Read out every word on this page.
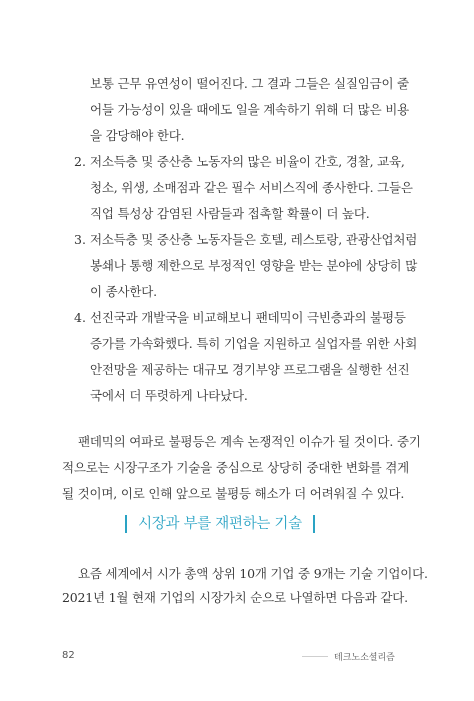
보통 근무 유연성이 떨어진다. 그 결과 그들은 실질임금이 줄
어들 가능성이 있을 때에도 일을 계속하기 위해 더 많은 비용
을 감당해야 한다.
2. 저소득층 및 중산층 노동자의 많은 비율이 간호, 경찰, 교육,
청소, 위생, 소매점과 같은 필수 서비스직에 종사한다. 그들은
직업 특성상 감염된 사람들과 접촉할 확률이 더 높다.
3. 저소득층 및 중산층 노동자들은 호텔, 레스토랑, 관광산업처럼
봉쇄나 통행 제한으로 부정적인 영향을 받는 분야에 상당히 많
이 종사한다.
4. 선진국과 개발국을 비교해보니 팬데믹이 극빈층과의 불평등
증가를 가속화했다. 특히 기업을 지원하고 실업자를 위한 사회
안전망을 제공하는 대규모 경기부양 프로그램을 실행한 선진
국에서 더 뚜렷하게 나타났다.
팬데믹의 여파로 불평등은 계속 논쟁적인 이슈가 될 것이다. 중기
적으로는 시장구조가 기술을 중심으로 상당히 중대한 변화를 겪게
될 것이며, 이로 인해 앞으로 불평등 해소가 더 어려워질 수 있다.
시장과 부를 재편하는 기술
요즘 세계에서 시가 총액 상위 10개 기업 중 9개는 기술 기업이다.
2021년 1월 현재 기업의 시장가치 순으로 나열하면 다음과 같다.
82	테크노소셜리즘
